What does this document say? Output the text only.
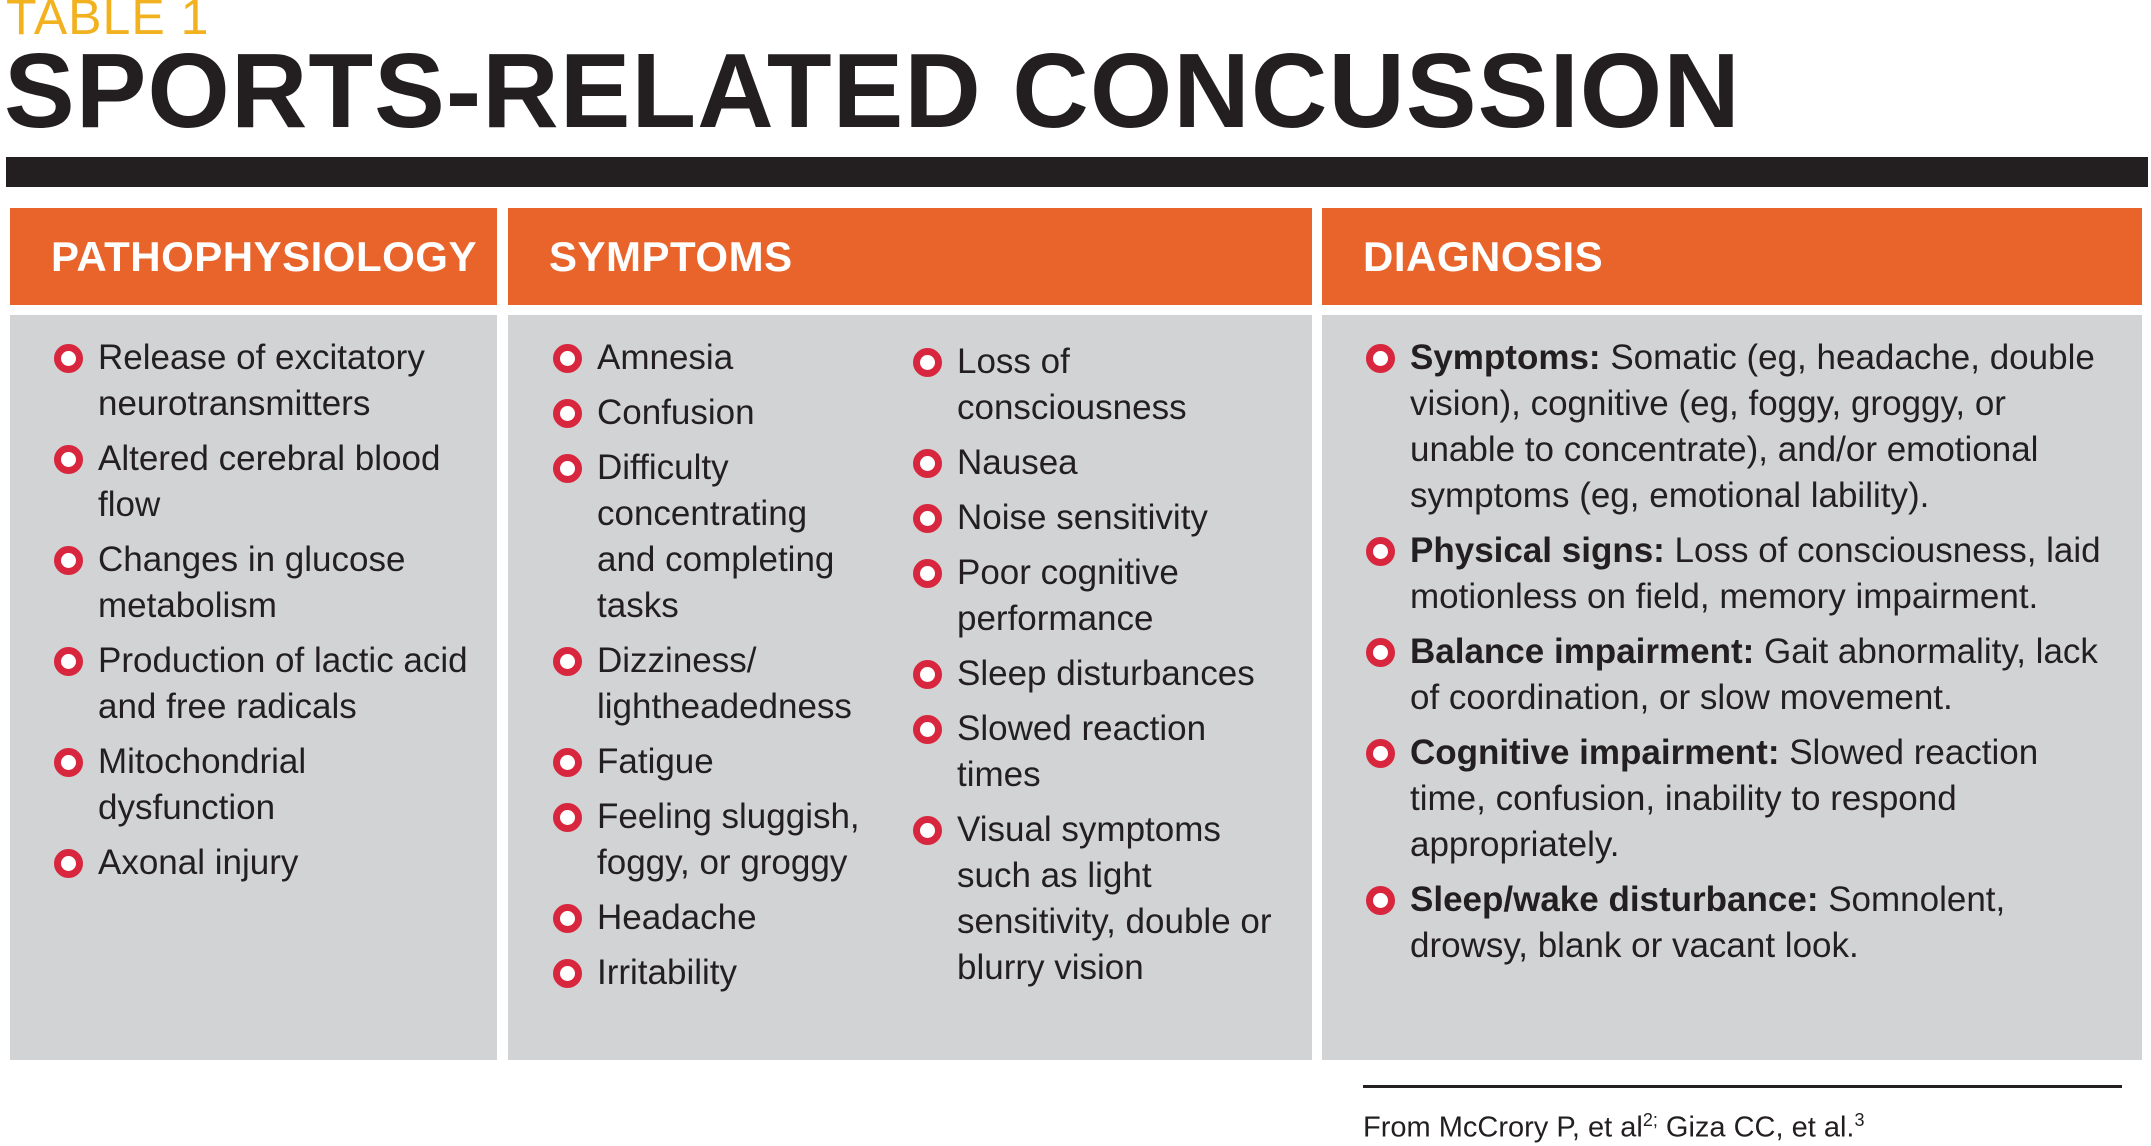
TABLE 1
SPORTS-RELATED CONCUSSION
PATHOPHYSIOLOGY
Release of excitatory neurotransmitters
Altered cerebral blood flow
Changes in glucose metabolism
Production of lactic acid and free radicals
Mitochondrial dysfunction
Axonal injury
SYMPTOMS
Amnesia
Confusion
Difficulty concentrating and completing tasks
Dizziness/ lightheadedness
Fatigue
Feeling sluggish, foggy, or groggy
Headache
Irritability
Loss of consciousness
Nausea
Noise sensitivity
Poor cognitive performance
Sleep disturbances
Slowed reaction times
Visual symptoms such as light sensitivity, double or blurry vision
DIAGNOSIS
Symptoms: Somatic (eg, headache, double vision), cognitive (eg, foggy, groggy, or unable to concentrate), and/or emotional symptoms (eg, emotional lability).
Physical signs: Loss of consciousness, laid motionless on field, memory impairment.
Balance impairment: Gait abnormality, lack of coordination, or slow movement.
Cognitive impairment: Slowed reaction time, confusion, inability to respond appropriately.
Sleep/wake disturbance: Somnolent, drowsy, blank or vacant look.
From McCrory P, et $al^{2;}$ Giza CC, et al.$^3$
